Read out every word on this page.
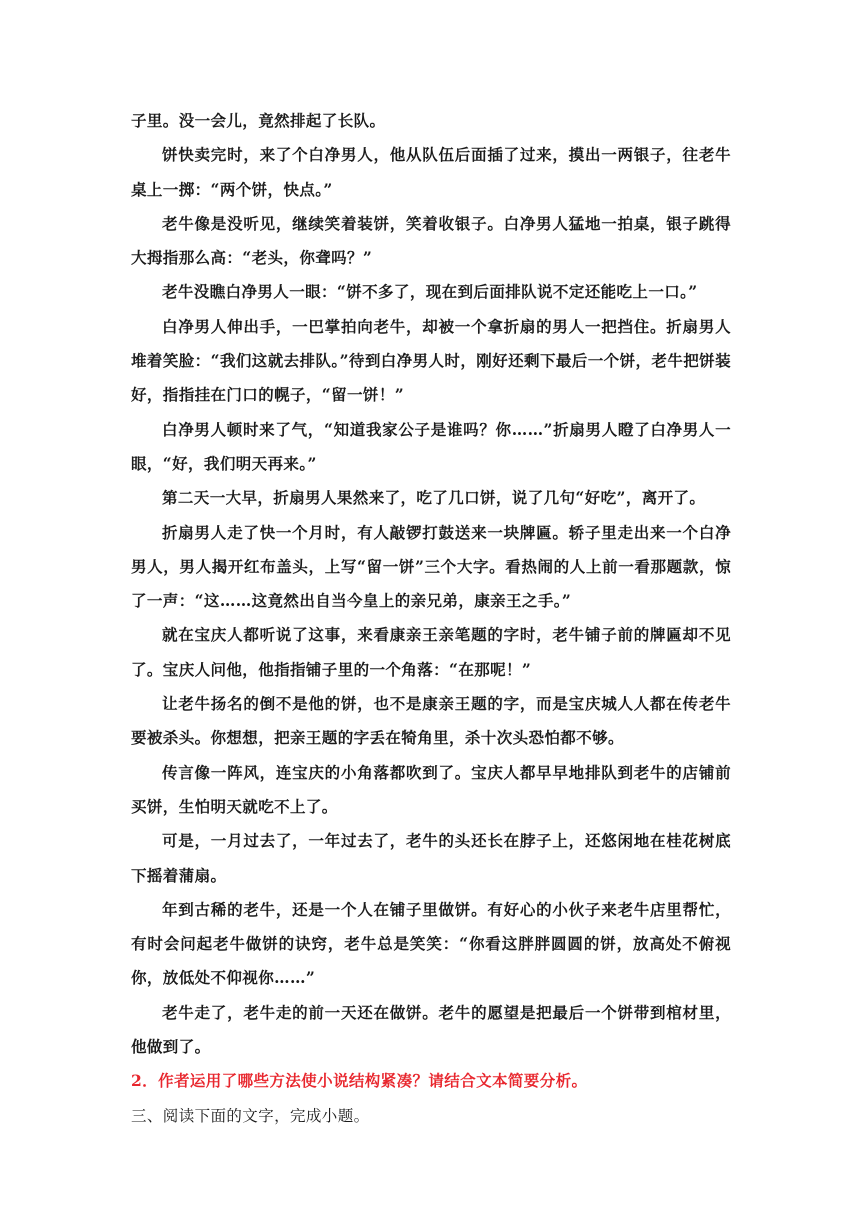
子里。没一会儿，竟然排起了长队。

饼快卖完时，来了个白净男人，他从队伍后面插了过来，摸出一两银子，往老牛桌上一掷：“两个饼，快点。”

老牛像是没听见，继续笑着装饼，笑着收银子。白净男人猛地一拍桌，银子跳得大拇指那么高：“老头，你聋吗？”

老牛没瞧白净男人一眼：“饼不多了，现在到后面排队说不定还能吃上一口。”

白净男人伸出手，一巴掌拍向老牛，却被一个拿折扇的男人一把挡住。折扇男人堆着笑脸：“我们这就去排队。”待到白净男人时，刚好还剩下最后一个饼，老牛把饼装好，指指挂在门口的幌子，“留一饼！”

白净男人顿时来了气，“知道我家公子是谁吗？你……”折扇男人瞪了白净男人一眼，“好，我们明天再来。”

第二天一大早，折扇男人果然来了，吃了几口饼，说了几句“好吃”，离开了。

折扇男人走了快一个月时，有人敲锣打鼓送来一块牌匾。轿子里走出来一个白净男人，男人揭开红布盖头，上写“留一饼”三个大字。看热闹的人上前一看那题款，惊了一声：“这……这竟然出自当今皇上的亲兄弟，康亲王之手。”

就在宝庆人都听说了这事，来看康亲王亲笔题的字时，老牛铺子前的牌匾却不见了。宝庆人问他，他指指铺子里的一个角落：“在那呢！”

让老牛扬名的倒不是他的饼，也不是康亲王题的字，而是宝庆城人人都在传老牛要被杀头。你想想，把亲王题的字丢在犄角里，杀十次头恐怕都不够。

传言像一阵风，连宝庆的小角落都吹到了。宝庆人都早早地排队到老牛的店铺前买饼，生怕明天就吃不上了。

可是，一月过去了，一年过去了，老牛的头还长在脖子上，还悠闲地在桂花树底下摇着蒲扇。

年到古稀的老牛，还是一个人在铺子里做饼。有好心的小伙子来老牛店里帮忙，有时会问起老牛做饼的诀窍，老牛总是笑笑：“你看这胖胖圆圆的饼，放高处不俯视你，放低处不仰视你……”

老牛走了，老牛走的前一天还在做饼。老牛的愿望是把最后一个饼带到棺材里，他做到了。

2．作者运用了哪些方法使小说结构紧凑？请结合文本简要分析。

三、阅读下面的文字，完成小题。
